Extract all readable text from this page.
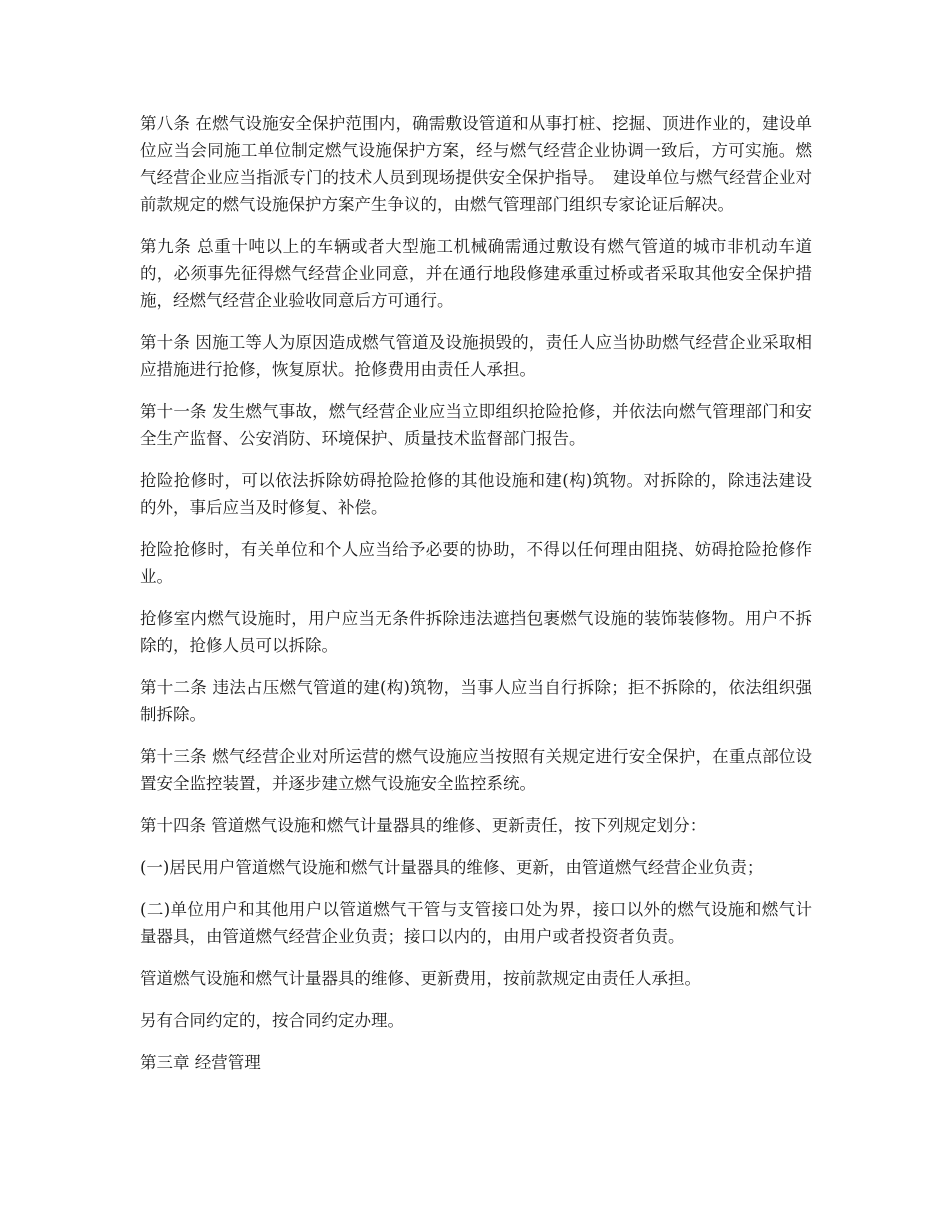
第八条 在燃气设施安全保护范围内，确需敷设管道和从事打桩、挖掘、顶进作业的，建设单位应当会同施工单位制定燃气设施保护方案，经与燃气经营企业协调一致后，方可实施。燃气经营企业应当指派专门的技术人员到现场提供安全保护指导。　建设单位与燃气经营企业对前款规定的燃气设施保护方案产生争议的，由燃气管理部门组织专家论证后解决。

第九条 总重十吨以上的车辆或者大型施工机械确需通过敷设有燃气管道的城市非机动车道的，必须事先征得燃气经营企业同意，并在通行地段修建承重过桥或者采取其他安全保护措施，经燃气经营企业验收同意后方可通行。

第十条 因施工等人为原因造成燃气管道及设施损毁的，责任人应当协助燃气经营企业采取相应措施进行抢修，恢复原状。抢修费用由责任人承担。

第十一条 发生燃气事故，燃气经营企业应当立即组织抢险抢修，并依法向燃气管理部门和安全生产监督、公安消防、环境保护、质量技术监督部门报告。

抢险抢修时，可以依法拆除妨碍抢险抢修的其他设施和建(构)筑物。对拆除的，除违法建设的外，事后应当及时修复、补偿。

抢险抢修时，有关单位和个人应当给予必要的协助，不得以任何理由阻挠、妨碍抢险抢修作业。

抢修室内燃气设施时，用户应当无条件拆除违法遮挡包裹燃气设施的装饰装修物。用户不拆除的，抢修人员可以拆除。

第十二条 违法占压燃气管道的建(构)筑物，当事人应当自行拆除；拒不拆除的，依法组织强制拆除。

第十三条 燃气经营企业对所运营的燃气设施应当按照有关规定进行安全保护，在重点部位设置安全监控装置，并逐步建立燃气设施安全监控系统。

第十四条 管道燃气设施和燃气计量器具的维修、更新责任，按下列规定划分：

(一)居民用户管道燃气设施和燃气计量器具的维修、更新，由管道燃气经营企业负责；

(二)单位用户和其他用户以管道燃气干管与支管接口处为界，接口以外的燃气设施和燃气计量器具，由管道燃气经营企业负责；接口以内的，由用户或者投资者负责。

管道燃气设施和燃气计量器具的维修、更新费用，按前款规定由责任人承担。

另有合同约定的，按合同约定办理。

第三章 经营管理
